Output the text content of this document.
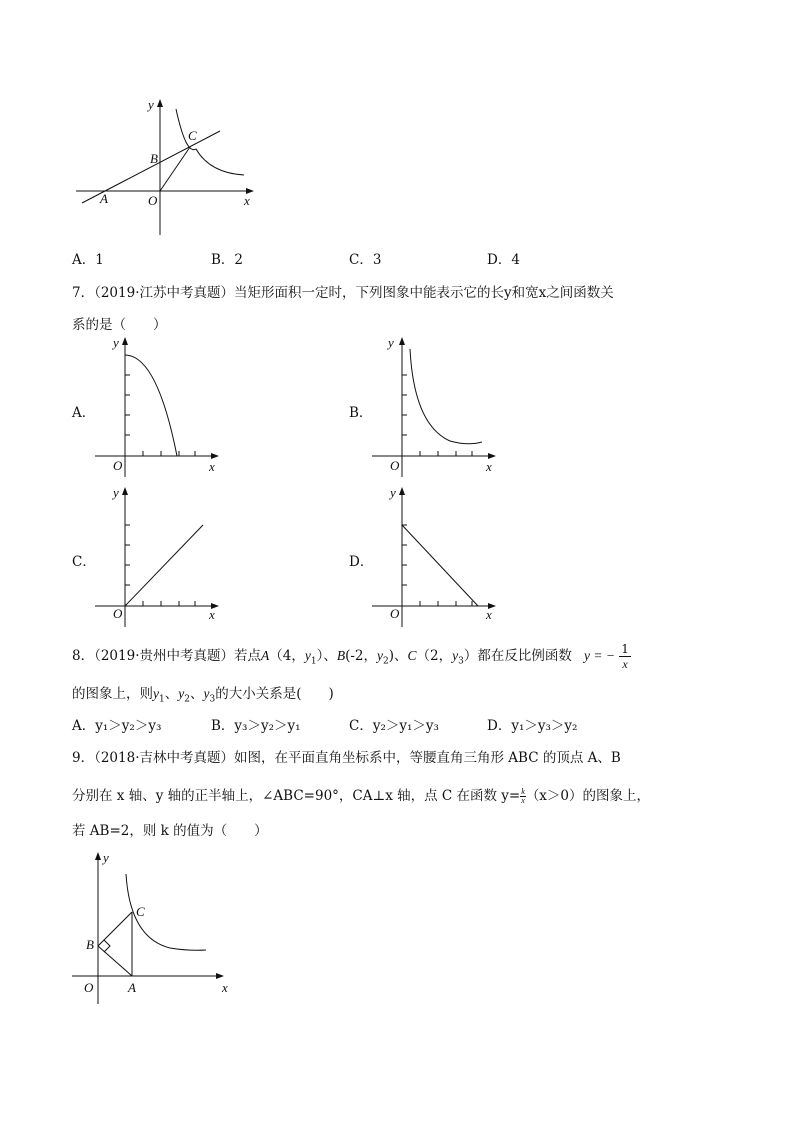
y
x
O
A
B
C
A．1	B．2	C．3	D．4
7．（2019·江苏中考真题）当矩形面积一定时，下列图象中能表示它的长y和宽x之间函数关
系的是（　　）
A．	B．
C．	D．
y
x
O
y
x
O
y
x
O
y
x
O
8．（2019·贵州中考真题）若点A（4，$y_1$）、B(-2，$y_2$)、C（2，$y_3$）都在反比例函数 y = − $\frac{1}{x}$
的图象上，则$y_1$、$y_2$、$y_3$的大小关系是(　　)
A．y₁＞y₂＞y₃	B．y₃＞y₂＞y₁	C．y₂＞y₁＞y₃	D．y₁＞y₃＞y₂
9．（2018·吉林中考真题）如图，在平面直角坐标系中，等腰直角三角形 ABC 的顶点 A、B
分别在 x 轴、y 轴的正半轴上，∠ABC=90°，CA⊥x 轴，点 C 在函数 $y= \frac{k}{x} (x>0)$的图象上，
若 AB=2，则 k 的值为（　　）
y
x
O	A
B
C
